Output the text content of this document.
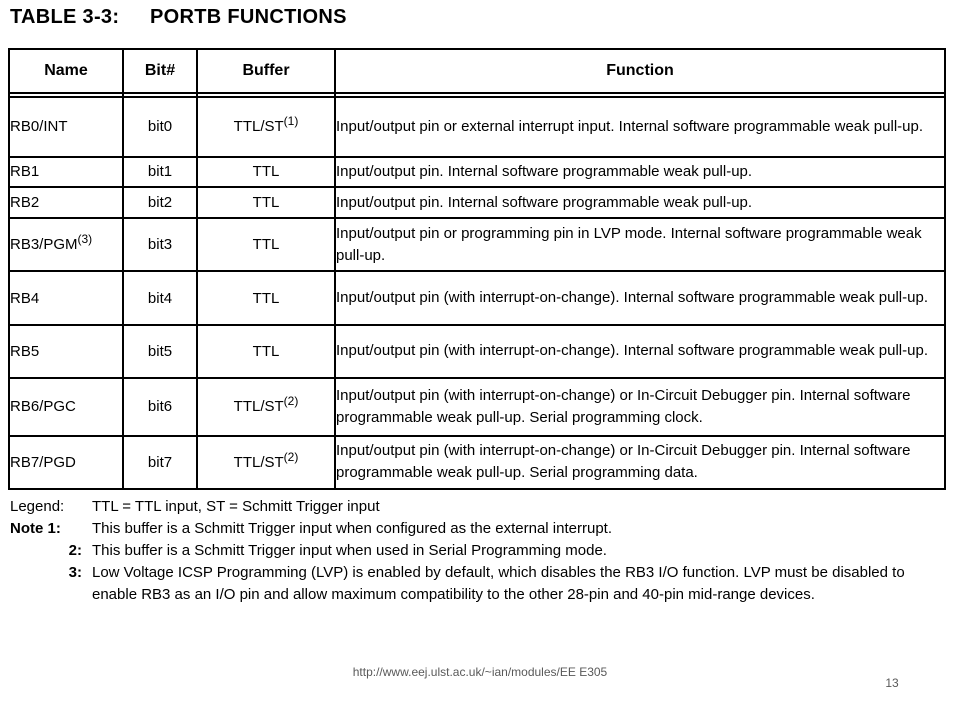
TABLE 3-3: PORTB FUNCTIONS
Name	Bit#	Buffer	Function

RB0/INT	bit0	TTL/ST$^{(1)}$	Input/output pin or external interrupt input. Internal software programmable weak pull-up.
RB1	bit1	TTL	Input/output pin. Internal software programmable weak pull-up.
RB2	bit2	TTL	Input/output pin. Internal software programmable weak pull-up.
RB3/PGM$^{(3)}$	bit3	TTL	Input/output pin or programming pin in LVP mode. Internal software programmable weak pull-up.
RB4	bit4	TTL	Input/output pin (with interrupt-on-change). Internal software programmable weak pull-up.
RB5	bit5	TTL	Input/output pin (with interrupt-on-change). Internal software programmable weak pull-up.
RB6/PGC	bit6	TTL/ST$^{(2)}$	Input/output pin (with interrupt-on-change) or In-Circuit Debugger pin. Internal software programmable weak pull-up. Serial programming clock.
RB7/PGD	bit7	TTL/ST$^{(2)}$	Input/output pin (with interrupt-on-change) or In-Circuit Debugger pin. Internal software programmable weak pull-up. Serial programming data.
Legend:	TTL = TTL input, ST = Schmitt Trigger input
Note 1:	This buffer is a Schmitt Trigger input when configured as the external interrupt.
2: This buffer is a Schmitt Trigger input when used in Serial Programming mode.
3: Low Voltage ICSP Programming (LVP) is enabled by default, which disables the RB3 I/O function. LVP must be disabled to enable RB3 as an I/O pin and allow maximum compatibility to the other 28-pin and 40-pin mid-range devices.
http://www.eej.ulst.ac.uk/~ian/modules/EE E305
13
